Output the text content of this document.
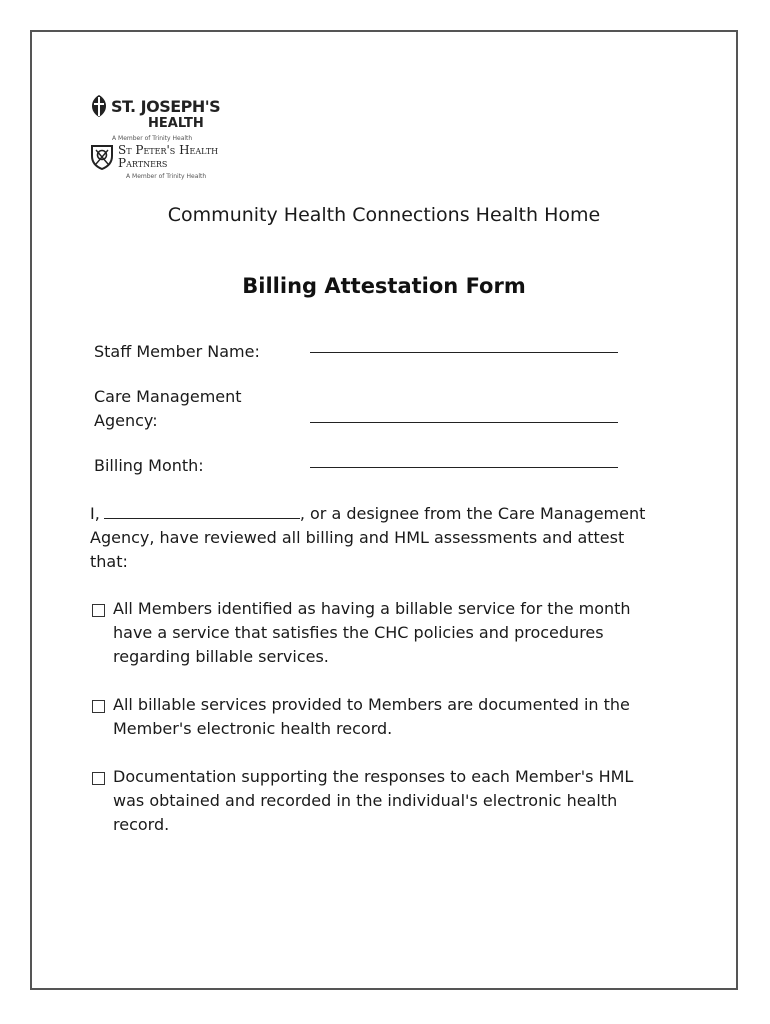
ST. JOSEPH'S
HEALTH
A Member of Trinity Health
St Peter's Health
Partners
A Member of Trinity Health
Community Health Connections Health Home
Billing Attestation Form
Staff Member Name:
Care Management
Agency:
Billing Month:
I,	, or a designee from the Care Management Agency, have reviewed all billing and HML assessments and attest that:
All Members identified as having a billable service for the month have a service that satisfies the CHC policies and procedures regarding billable services.
All billable services provided to Members are documented in the Member's electronic health record.
Documentation supporting the responses to each Member's HML was obtained and recorded in the individual's electronic health record.
